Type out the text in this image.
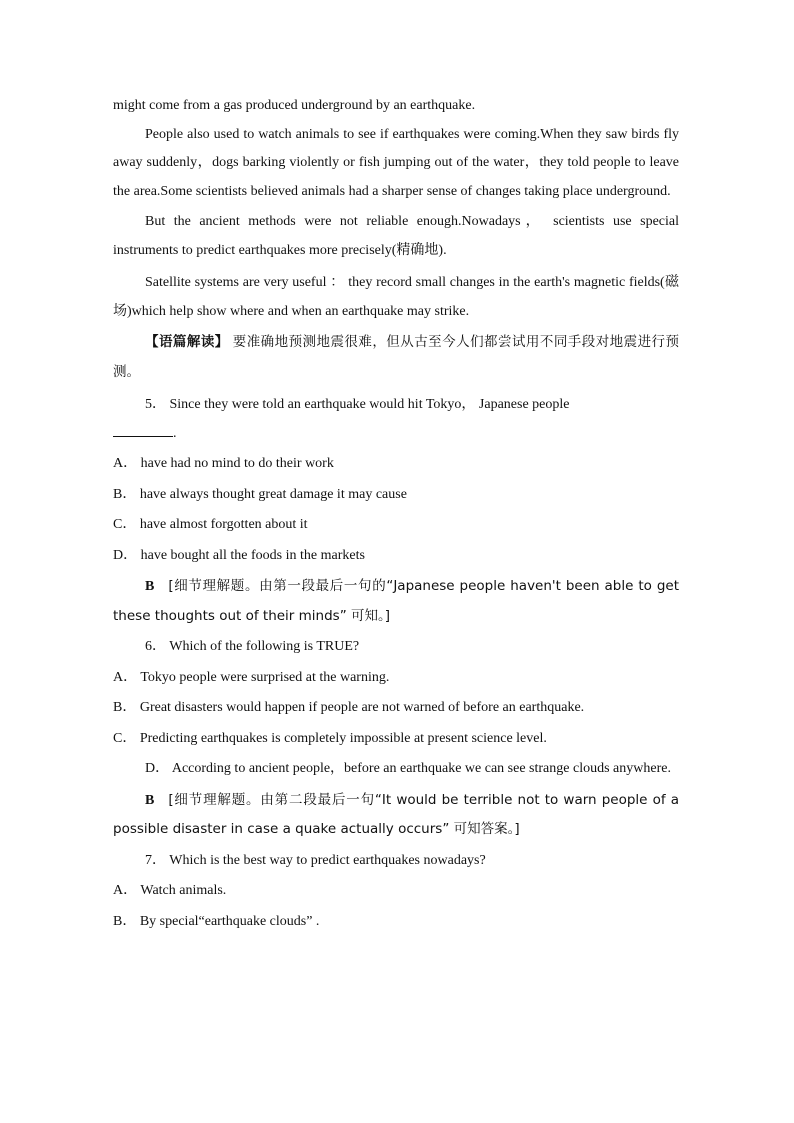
might come from a gas produced underground by an earthquake.

People also used to watch animals to see if earthquakes were coming.When they saw birds fly away suddenly，dogs barking violently or fish jumping out of the water，they told people to leave the area.Some scientists believed animals had a sharper sense of changes taking place underground.

But the ancient methods were not reliable enough.Nowadays， scientists use special instruments to predict earthquakes more precisely(精确地).

Satellite systems are very useful ： they record small changes in the earth's magnetic fields(磁场)which help show where and when an earthquake may strike.

【语篇解读】 要准确地预测地震很难，但从古至今人们都尝试用不同手段对地震进行预测。

5． Since they were told an earthquake would hit Tokyo， Japanese people
.

A． have had no mind to do their work

B． have always thought great damage it may cause

C． have almost forgotten about it

D． have bought all the foods in the markets

B [细节理解题。由第一段最后一句的“Japanese people haven't been able to get these thoughts out of their minds” 可知。]

6． Which of the following is TRUE?

A． Tokyo people were surprised at the warning.

B． Great disasters would happen if people are not warned of before an earthquake.

C． Predicting earthquakes is completely impossible at present science level.

D． According to ancient people，before an earthquake we can see strange clouds anywhere.

B [细节理解题。由第二段最后一句“It would be terrible not to warn people of a possible disaster in case a quake actually occurs” 可知答案。]

7． Which is the best way to predict earthquakes nowadays?

A． Watch animals.

B． By special“earthquake clouds” .
